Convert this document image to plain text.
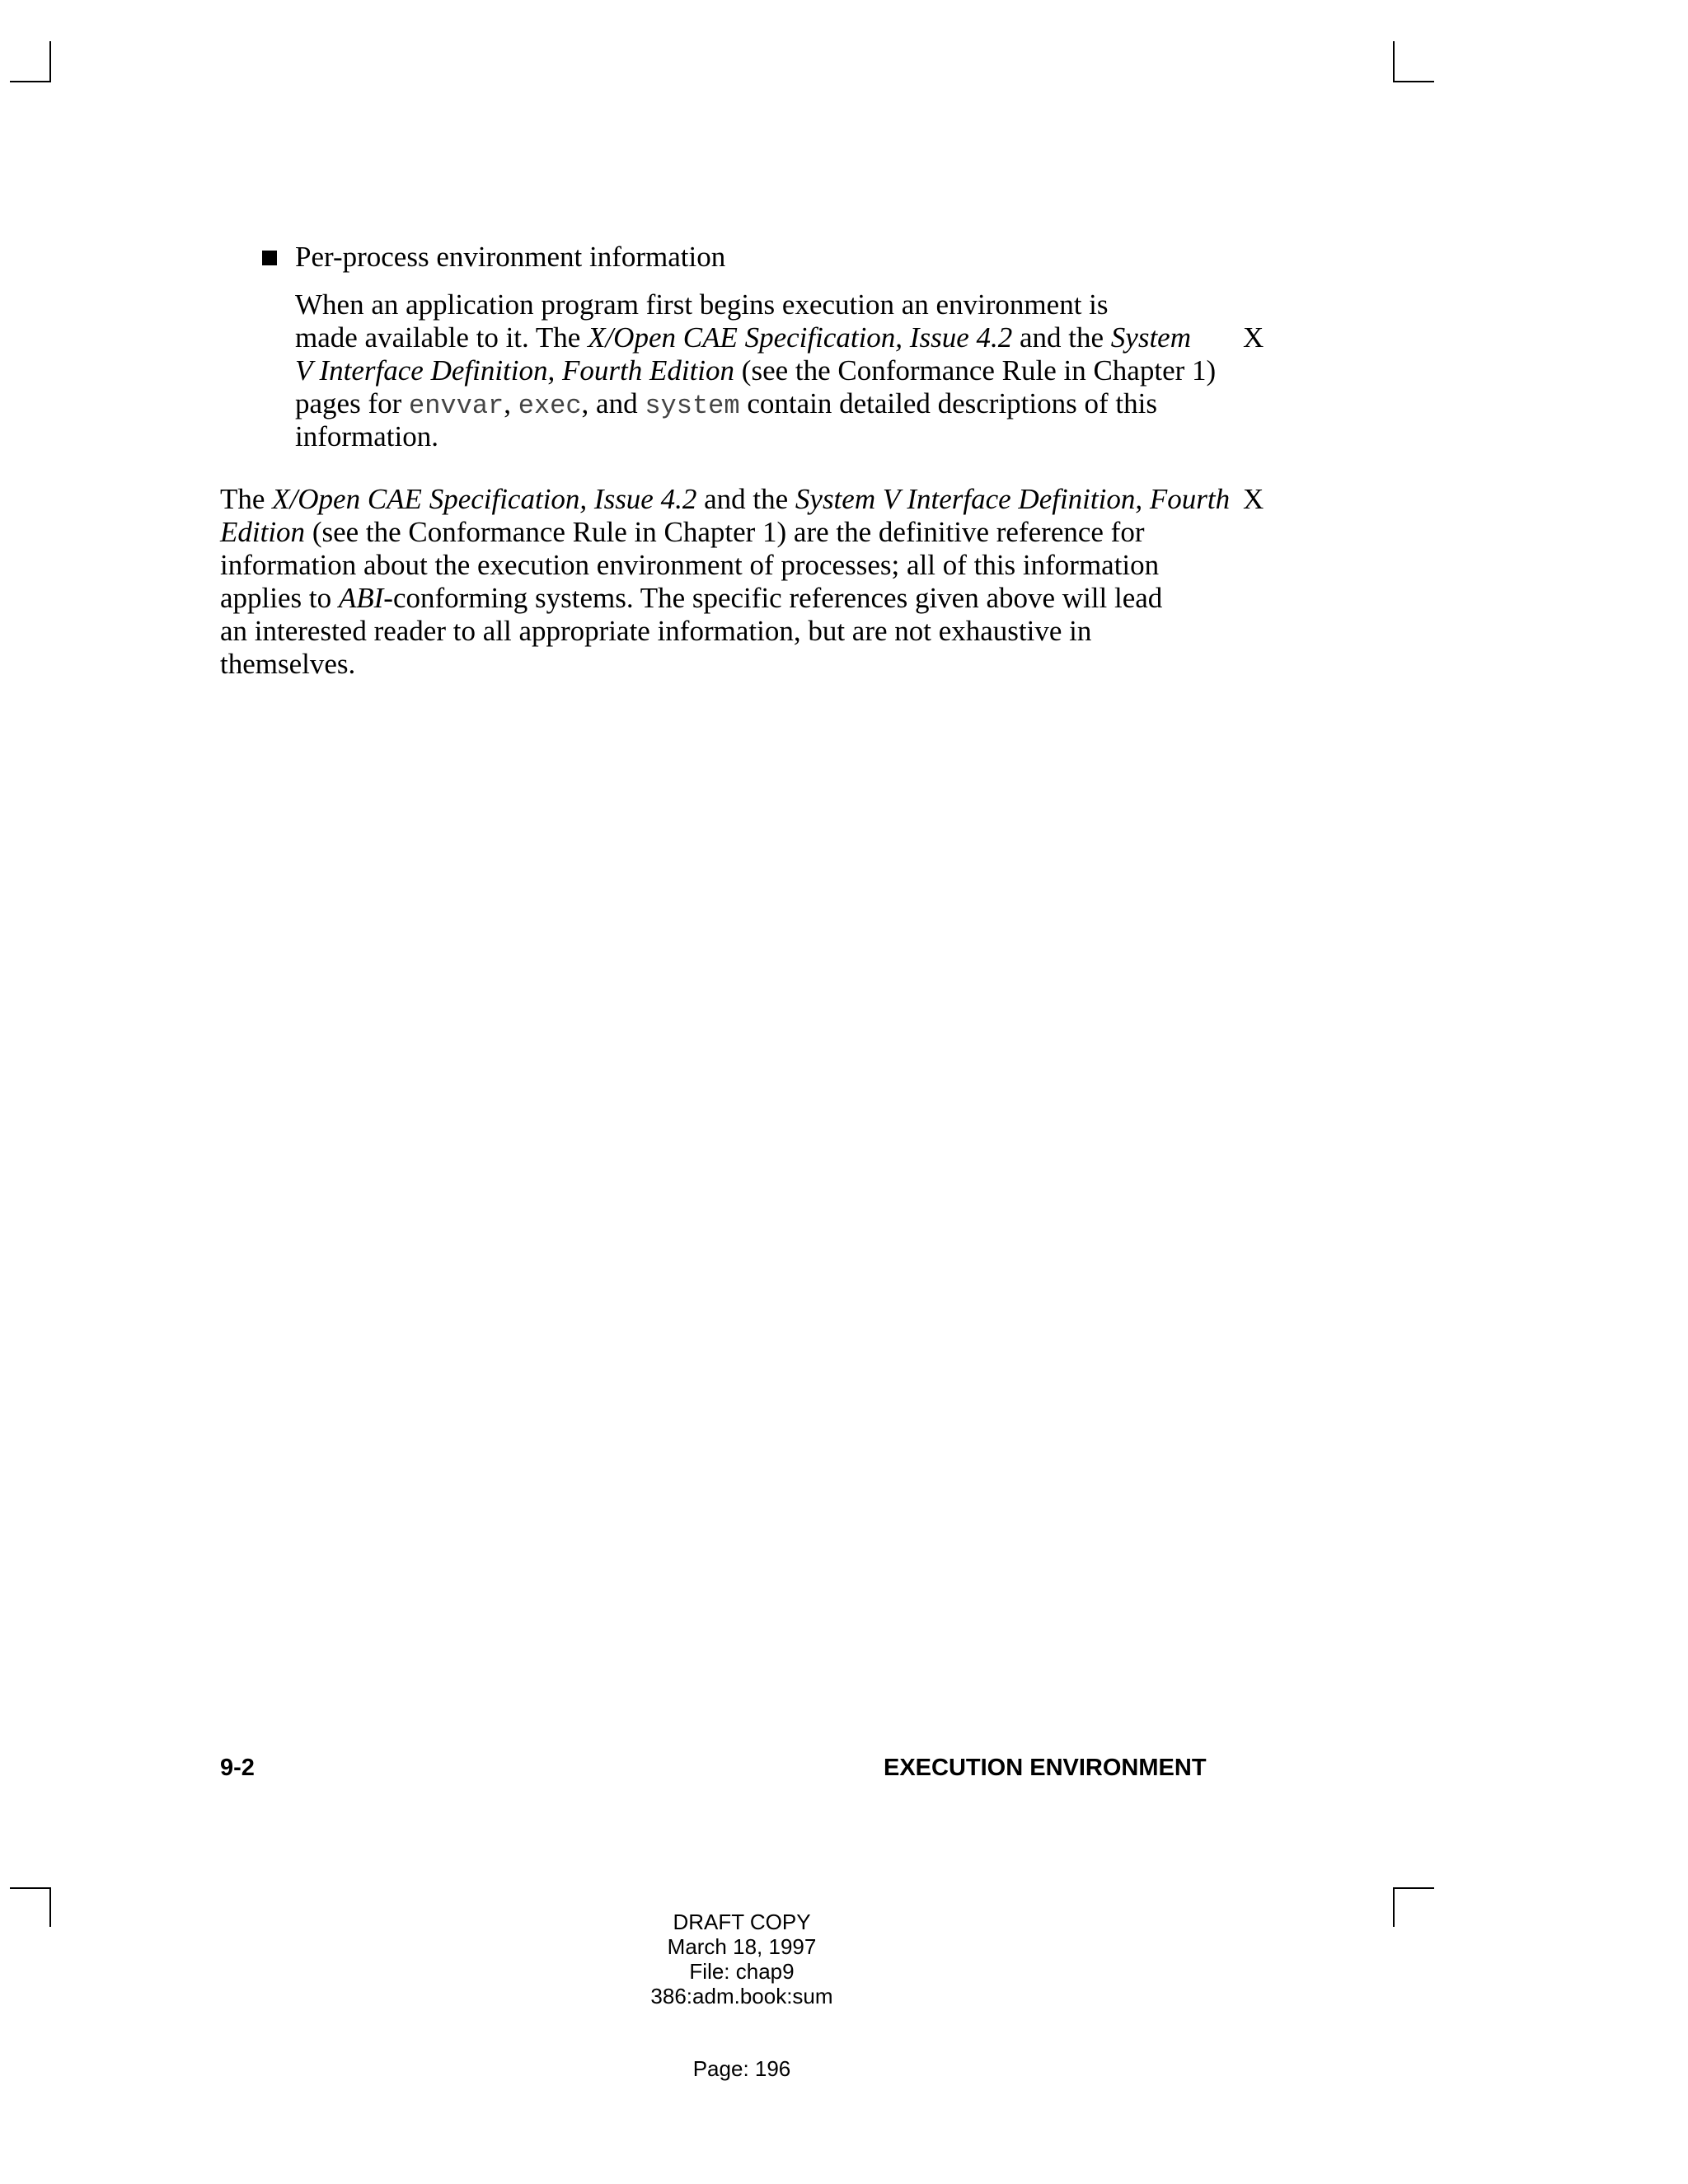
Per-process environment information
When an application program first begins execution an environment is
made available to it. The X/Open CAE Specification, Issue 4.2 and the System
V Interface Definition, Fourth Edition (see the Conformance Rule in Chapter 1)
pages for envvar, exec, and system contain detailed descriptions of this
information.
The X/Open CAE Specification, Issue 4.2 and the System V Interface Definition, Fourth
Edition (see the Conformance Rule in Chapter 1) are the definitive reference for
information about the execution environment of processes; all of this information
applies to ABI-conforming systems. The specific references given above will lead
an interested reader to all appropriate information, but are not exhaustive in
themselves.
X
X
9-2	EXECUTION ENVIRONMENT
DRAFT COPY
March 18, 1997
File: chap9
386:adm.book:sum
Page: 196
